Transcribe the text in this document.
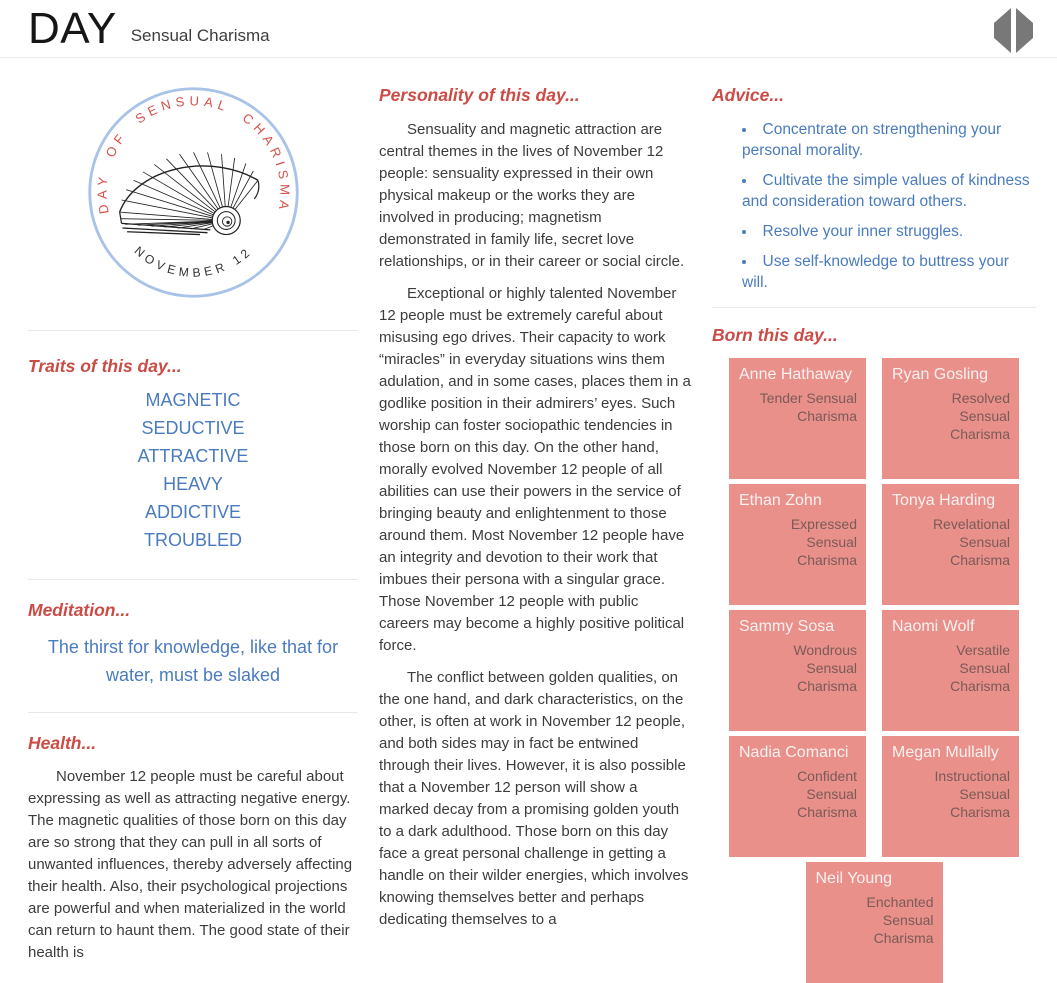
DAY Sensual Charisma
DAY OF SENSUAL CHARISMA
NOVEMBER 12
Traits of this day...
MAGNETIC
SEDUCTIVE
ATTRACTIVE
HEAVY
ADDICTIVE
TROUBLED
Meditation...

The thirst for knowledge, like that for water, must be slaked

Health...

November 12 people must be careful about expressing as well as attracting negative energy. The magnetic qualities of those born on this day are so strong that they can pull in all sorts of unwanted influences, thereby adversely affecting their health. Also, their psychological projections are powerful and when materialized in the world can return to haunt them. The good state of their health is

Personality of this day...

Sensuality and magnetic attraction are central themes in the lives of November 12 people: sensuality expressed in their own physical makeup or the works they are involved in producing; magnetism demonstrated in family life, secret love relationships, or in their career or social circle.

Exceptional or highly talented November 12 people must be extremely careful about misusing ego drives. Their capacity to work “miracles” in everyday situations wins them adulation, and in some cases, places them in a godlike position in their admirers’ eyes. Such worship can foster sociopathic tendencies in those born on this day. On the other hand, morally evolved November 12 people of all abilities can use their powers in the service of bringing beauty and enlightenment to those around them. Most November 12 people have an integrity and devotion to their work that imbues their persona with a singular grace. Those November 12 people with public careers may become a highly positive political force.

The conflict between golden qualities, on the one hand, and dark characteristics, on the other, is often at work in November 12 people, and both sides may in fact be entwined through their lives. However, it is also possible that a November 12 person will show a marked decay from a promising golden youth to a dark adulthood. Those born on this day face a great personal challenge in getting a handle on their wilder energies, which involves knowing themselves better and perhaps dedicating themselves to a

Advice...
• Concentrate on strengthening your personal morality.
• Cultivate the simple values of kindness and consideration toward others.
• Resolve your inner struggles.
• Use self-knowledge to buttress your will.
Born this day...
Anne Hathaway
Tender Sensual Charisma
Ryan Gosling
Resolved Sensual Charisma
Ethan Zohn
Expressed Sensual Charisma
Tonya Harding
Revelational Sensual Charisma
Sammy Sosa
Wondrous Sensual Charisma
Naomi Wolf
Versatile Sensual Charisma
Nadia Comanci
Confident Sensual Charisma
Megan Mullally
Instructional Sensual Charisma
Neil Young
Enchanted Sensual Charisma
